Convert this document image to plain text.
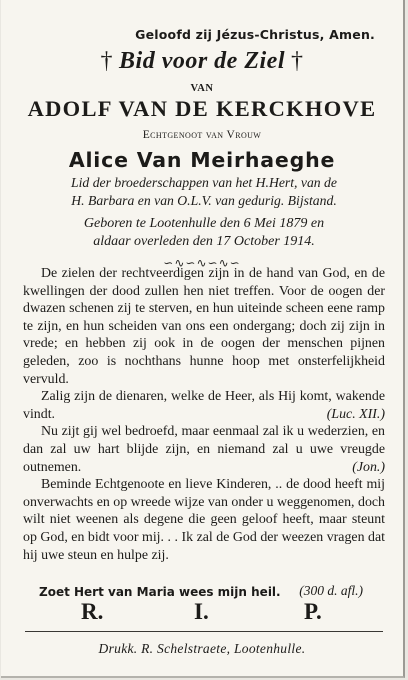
Geloofd zij Jézus-Christus, Amen.
† Bid voor de Ziel †
VAN
ADOLF VAN DE KERCKHOVE
Echtgenoot van Vrouw
Alice Van Meirhaeghe
Lid der broederschappen van het H.Hert, van de
H. Barbara en van O.L.V. van gedurig. Bijstand.
Geboren te Lootenhulle den 6 Mei 1879 en
aldaar overleden den 17 October 1914.
∽∿∽∿∽∿∽

De zielen der rechtveerdigen zijn in de hand van God, en de kwellingen der dood zullen hen niet treffen. Voor de oogen der dwazen schenen zij te sterven, en hun uiteinde scheen eene ramp te zijn, en hun scheiden van ons een ondergang; doch zij zijn in vrede; en hebben zij ook in de oogen der menschen pijnen geleden, zoo is nochthans hunne hoop met onsterfelijkheid vervuld.

Zalig zijn de dienaren, welke de Heer, als Hij komt, wakende vindt.	(Luc. XII.)

Nu zijt gij wel bedroefd, maar eenmaal zal ik u wederzien, en dan zal uw hart blijde zijn, en niemand zal u uwe vreugde outnemen.	(Jon.)

Beminde Echtgenoote en lieve Kinderen, .. de dood heeft mij onverwachts en op wreede wijze van onder u weggenomen, doch wilt niet weenen als degene die geen geloof heeft, maar steunt op God, en bidt voor mij. . . Ik zal de God der weezen vragen dat hij uwe steun en hulpe zij.

Zoet Hert van Maria wees mijn heil. (300 d. afl.)
R.	I.	P.
Drukk. R. Schelstraete, Lootenhulle.
